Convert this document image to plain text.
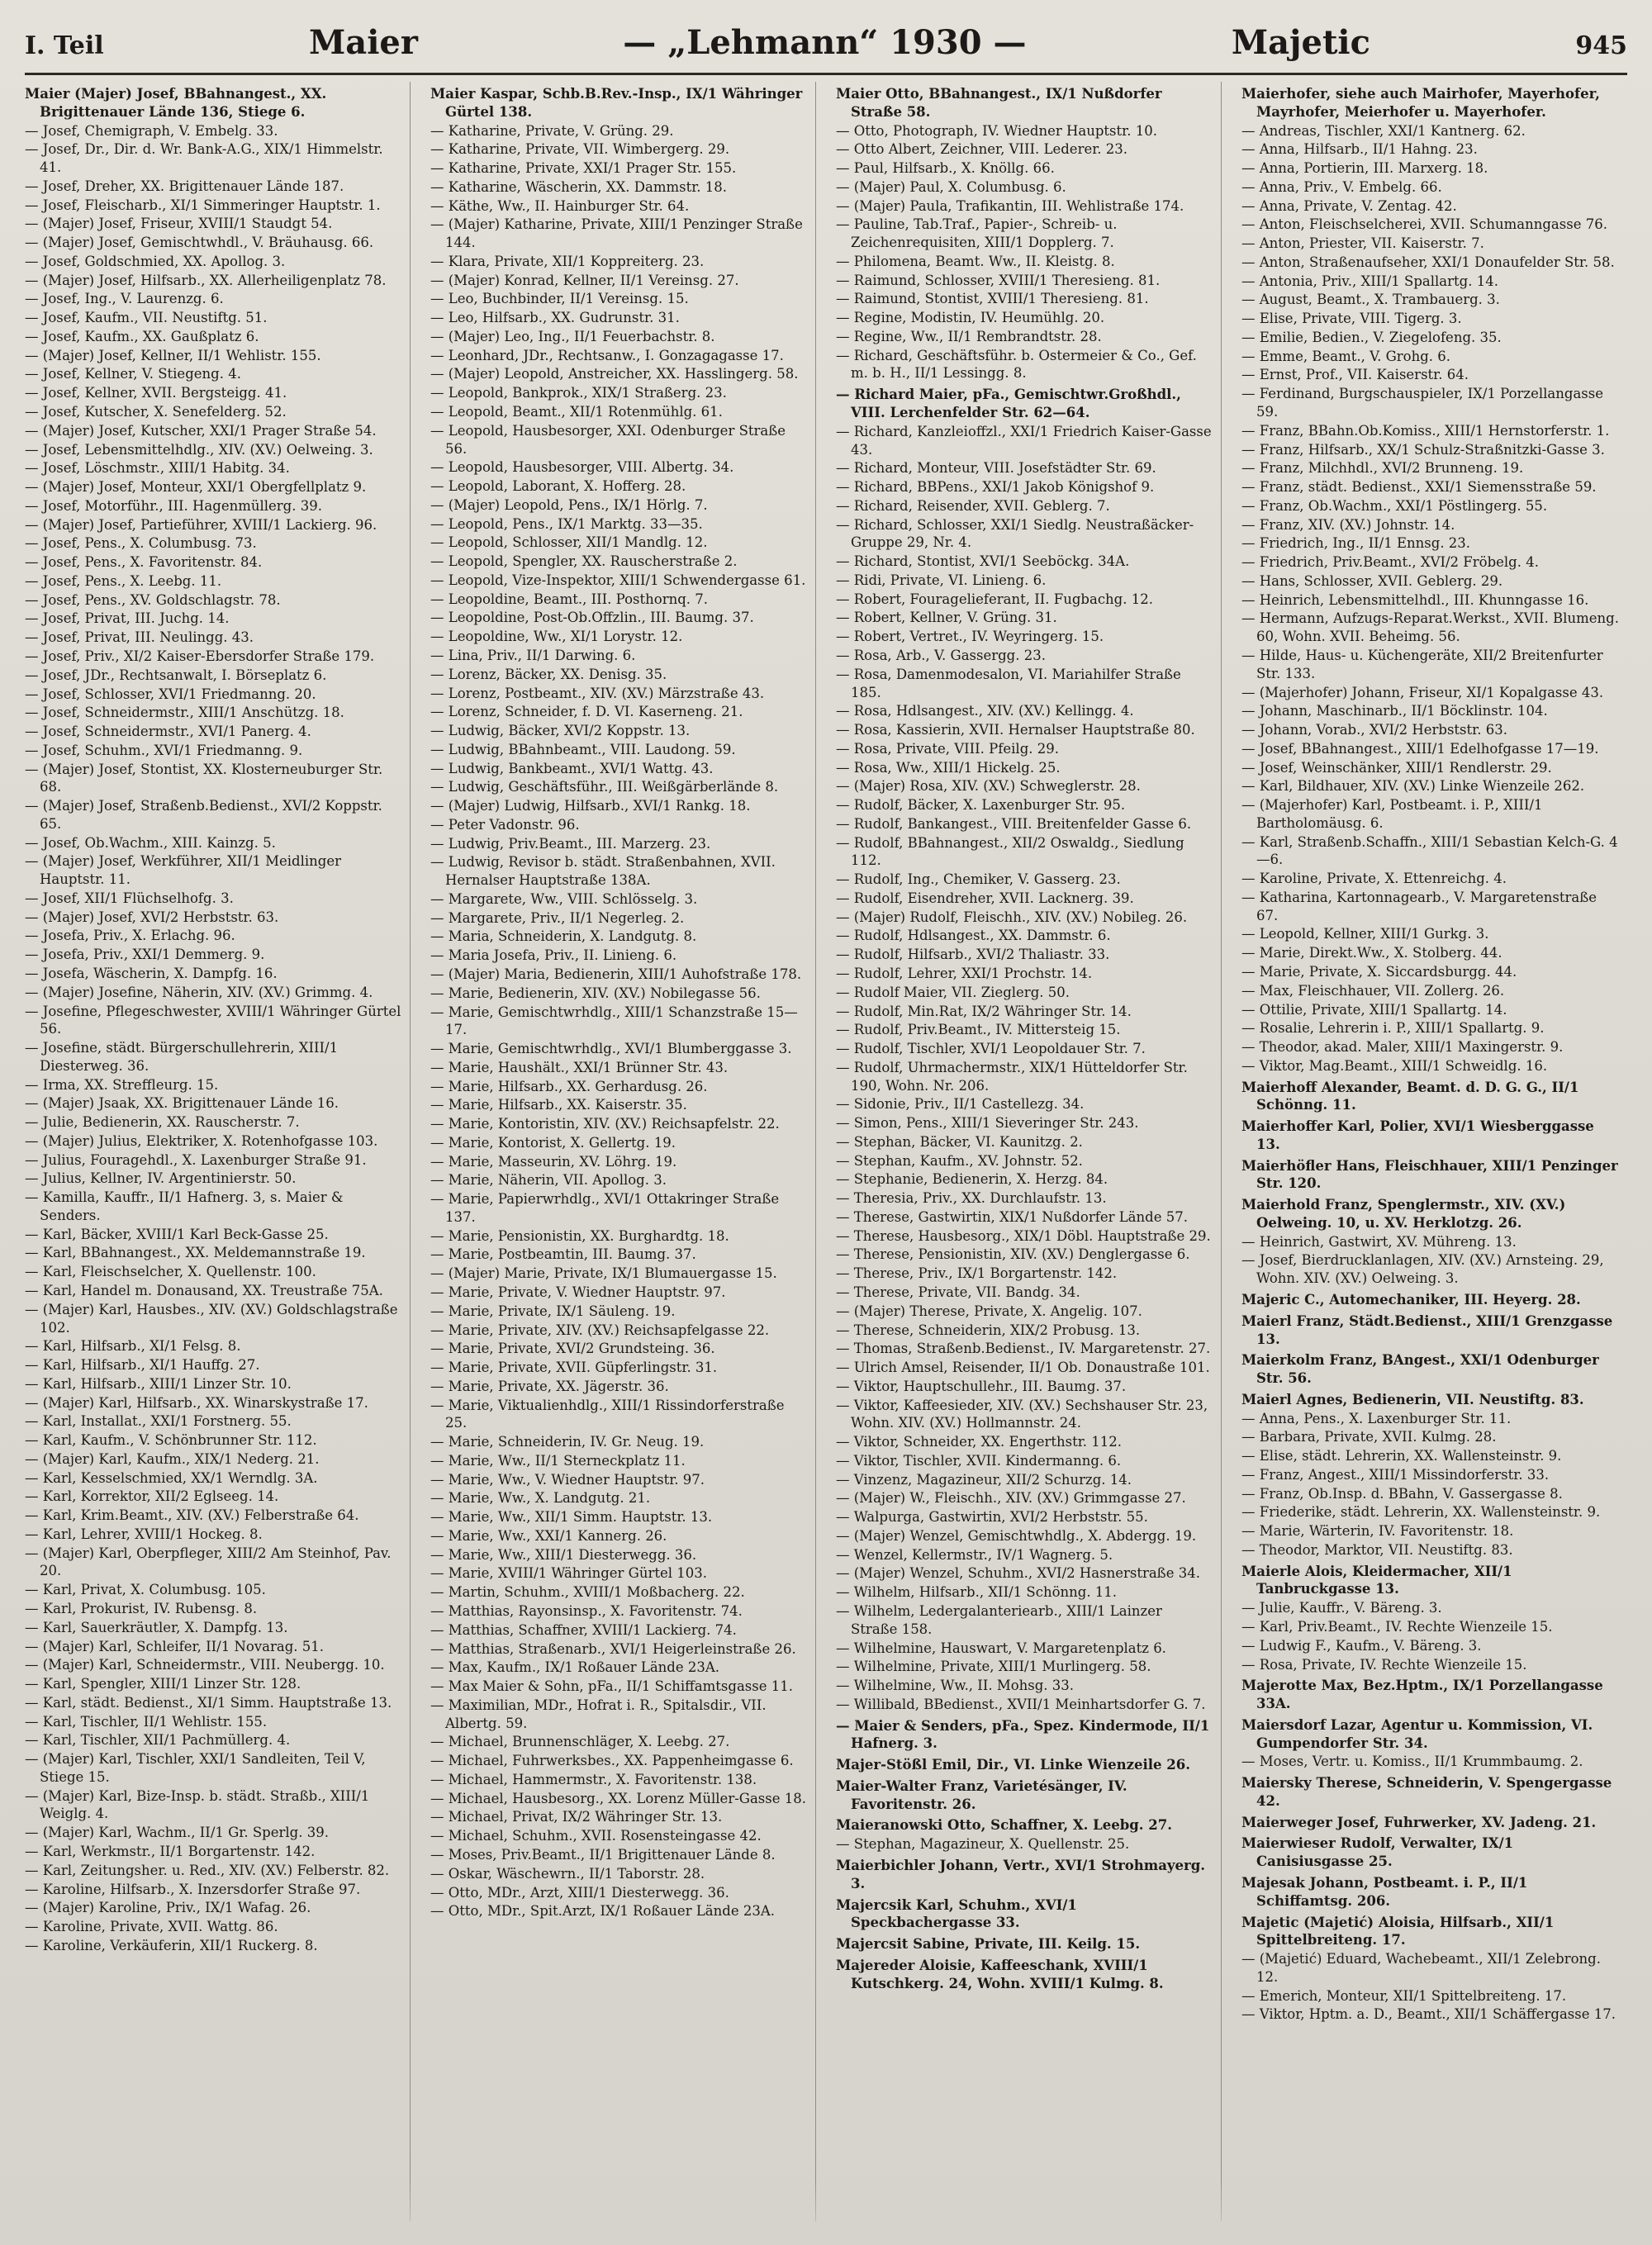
I. Teil	Maier	— „Lehmann“ 1930 —	Majetic	945

Maier (Majer) Josef, BBahnangest., XX. Brigittenauer Lände 136, Stiege 6.

— Josef, Chemigraph, V. Embelg. 33.

— Josef, Dr., Dir. d. Wr. Bank-A.G., XIX/1 Himmelstr. 41.

— Josef, Dreher, XX. Brigittenauer Lände 187.

— Josef, Fleischarb., XI/1 Simmeringer Hauptstr. 1.

— (Majer) Josef, Friseur, XVIII/1 Staudgt 54.

— (Majer) Josef, Gemischtwhdl., V. Bräuhausg. 66.

— Josef, Goldschmied, XX. Apollog. 3.

— (Majer) Josef, Hilfsarb., XX. Allerheiligenplatz 78.

— Josef, Ing., V. Laurenzg. 6.

— Josef, Kaufm., VII. Neustiftg. 51.

— Josef, Kaufm., XX. Gaußplatz 6.

— (Majer) Josef, Kellner, II/1 Wehlistr. 155.

— Josef, Kellner, V. Stiegeng. 4.

— Josef, Kellner, XVII. Bergsteigg. 41.

— Josef, Kutscher, X. Senefelderg. 52.

— (Majer) Josef, Kutscher, XXI/1 Prager Straße 54.

— Josef, Lebensmittelhdlg., XIV. (XV.) Oelweing. 3.

— Josef, Löschmstr., XIII/1 Habitg. 34.

— (Majer) Josef, Monteur, XXI/1 Obergfellplatz 9.

— Josef, Motorführ., III. Hagenmüllerg. 39.

— (Majer) Josef, Partieführer, XVIII/1 Lackierg. 96.

— Josef, Pens., X. Columbusg. 73.

— Josef, Pens., X. Favoritenstr. 84.

— Josef, Pens., X. Leebg. 11.

— Josef, Pens., XV. Goldschlagstr. 78.

— Josef, Privat, III. Juchg. 14.

— Josef, Privat, III. Neulingg. 43.

— Josef, Priv., XI/2 Kaiser-Ebersdorfer Straße 179.

— Josef, JDr., Rechtsanwalt, I. Börseplatz 6.

— Josef, Schlosser, XVI/1 Friedmanng. 20.

— Josef, Schneidermstr., XIII/1 Anschützg. 18.

— Josef, Schneidermstr., XVI/1 Panerg. 4.

— Josef, Schuhm., XVI/1 Friedmanng. 9.

— (Majer) Josef, Stontist, XX. Klosterneuburger Str. 68.

— (Majer) Josef, Straßenb.Bedienst., XVI/2 Koppstr. 65.

— Josef, Ob.Wachm., XIII. Kainzg. 5.

— (Majer) Josef, Werkführer, XII/1 Meidlinger Hauptstr. 11.

— Josef, XII/1 Flüchselhofg. 3.

— (Majer) Josef, XVI/2 Herbststr. 63.

— Josefa, Priv., X. Erlachg. 96.

— Josefa, Priv., XXI/1 Demmerg. 9.

— Josefa, Wäscherin, X. Dampfg. 16.

— (Majer) Josefine, Näherin, XIV. (XV.) Grimmg. 4.

— Josefine, Pflegeschwester, XVIII/1 Währinger Gürtel 56.

— Josefine, städt. Bürgerschullehrerin, XIII/1 Diesterweg. 36.

— Irma, XX. Streffleurg. 15.

— (Majer) Jsaak, XX. Brigittenauer Lände 16.

— Julie, Bedienerin, XX. Rauscherstr. 7.

— (Majer) Julius, Elektriker, X. Rotenhofgasse 103.

— Julius, Fouragehdl., X. Laxenburger Straße 91.

— Julius, Kellner, IV. Argentinierstr. 50.

— Kamilla, Kauffr., II/1 Hafnerg. 3, s. Maier & Senders.

— Karl, Bäcker, XVIII/1 Karl Beck-Gasse 25.

— Karl, BBahnangest., XX. Meldemannstraße 19.

— Karl, Fleischselcher, X. Quellenstr. 100.

— Karl, Handel m. Donausand, XX. Treustraße 75A.

— (Majer) Karl, Hausbes., XIV. (XV.) Goldschlagstraße 102.

— Karl, Hilfsarb., XI/1 Felsg. 8.

— Karl, Hilfsarb., XI/1 Hauffg. 27.

— Karl, Hilfsarb., XIII/1 Linzer Str. 10.

— (Majer) Karl, Hilfsarb., XX. Winarskystraße 17.

— Karl, Installat., XXI/1 Forstnerg. 55.

— Karl, Kaufm., V. Schönbrunner Str. 112.

— (Majer) Karl, Kaufm., XIX/1 Nederg. 21.

— Karl, Kesselschmied, XX/1 Werndlg. 3A.

— Karl, Korrektor, XII/2 Eglseeg. 14.

— Karl, Krim.Beamt., XIV. (XV.) Felberstraße 64.

— Karl, Lehrer, XVIII/1 Hockeg. 8.

— (Majer) Karl, Oberpfleger, XIII/2 Am Steinhof, Pav. 20.

— Karl, Privat, X. Columbusg. 105.

— Karl, Prokurist, IV. Rubensg. 8.

— Karl, Sauerkräutler, X. Dampfg. 13.

— (Majer) Karl, Schleifer, II/1 Novarag. 51.

— (Majer) Karl, Schneidermstr., VIII. Neubergg. 10.

— Karl, Spengler, XIII/1 Linzer Str. 128.

— Karl, städt. Bedienst., XI/1 Simm. Hauptstraße 13.

— Karl, Tischler, II/1 Wehlistr. 155.

— Karl, Tischler, XII/1 Pachmüllerg. 4.

— (Majer) Karl, Tischler, XXI/1 Sandleiten, Teil V, Stiege 15.

— (Majer) Karl, Bize-Insp. b. städt. Straßb., XIII/1 Weiglg. 4.

— (Majer) Karl, Wachm., II/1 Gr. Sperlg. 39.

— Karl, Werkmstr., II/1 Borgartenstr. 142.

— Karl, Zeitungsher. u. Red., XIV. (XV.) Felberstr. 82.

— Karoline, Hilfsarb., X. Inzersdorfer Straße 97.

— (Majer) Karoline, Priv., IX/1 Wafag. 26.

— Karoline, Private, XVII. Wattg. 86.

— Karoline, Verkäuferin, XII/1 Ruckerg. 8.

Maier Kaspar, Schb.B.Rev.-Insp., IX/1 Währinger Gürtel 138.

— Katharine, Private, V. Grüng. 29.

— Katharine, Private, VII. Wimbergerg. 29.

— Katharine, Private, XXI/1 Prager Str. 155.

— Katharine, Wäscherin, XX. Dammstr. 18.

— Käthe, Ww., II. Hainburger Str. 64.

— (Majer) Katharine, Private, XIII/1 Penzinger Straße 144.

— Klara, Private, XII/1 Koppreiterg. 23.

— (Majer) Konrad, Kellner, II/1 Vereinsg. 27.

— Leo, Buchbinder, II/1 Vereinsg. 15.

— Leo, Hilfsarb., XX. Gudrunstr. 31.

— (Majer) Leo, Ing., II/1 Feuerbachstr. 8.

— Leonhard, JDr., Rechtsanw., I. Gonzagagasse 17.

— (Majer) Leopold, Anstreicher, XX. Hasslingerg. 58.

— Leopold, Bankprok., XIX/1 Straßerg. 23.

— Leopold, Beamt., XII/1 Rotenmühlg. 61.

— Leopold, Hausbesorger, XXI. Odenburger Straße 56.

— Leopold, Hausbesorger, VIII. Albertg. 34.

— Leopold, Laborant, X. Hofferg. 28.

— (Majer) Leopold, Pens., IX/1 Hörlg. 7.

— Leopold, Pens., IX/1 Marktg. 33—35.

— Leopold, Schlosser, XII/1 Mandlg. 12.

— Leopold, Spengler, XX. Rauscherstraße 2.

— Leopold, Vize-Inspektor, XIII/1 Schwendergasse 61.

— Leopoldine, Beamt., III. Posthornq. 7.

— Leopoldine, Post-Ob.Offzlin., III. Baumg. 37.

— Leopoldine, Ww., XI/1 Lorystr. 12.

— Lina, Priv., II/1 Darwing. 6.

— Lorenz, Bäcker, XX. Denisg. 35.

— Lorenz, Postbeamt., XIV. (XV.) Märzstraße 43.

— Lorenz, Schneider, f. D. VI. Kaserneng. 21.

— Ludwig, Bäcker, XVI/2 Koppstr. 13.

— Ludwig, BBahnbeamt., VIII. Laudong. 59.

— Ludwig, Bankbeamt., XVI/1 Wattg. 43.

— Ludwig, Geschäftsführ., III. Weißgärberlände 8.

— (Majer) Ludwig, Hilfsarb., XVI/1 Rankg. 18.

— Peter Vadonstr. 96.

— Ludwig, Priv.Beamt., III. Marzerg. 23.

— Ludwig, Revisor b. städt. Straßenbahnen, XVII. Hernalser Hauptstraße 138A.

— Margarete, Ww., VIII. Schlösselg. 3.

— Margarete, Priv., II/1 Negerleg. 2.

— Maria, Schneiderin, X. Landgutg. 8.

— Maria Josefa, Priv., II. Linieng. 6.

— (Majer) Maria, Bedienerin, XIII/1 Auhofstraße 178.

— Marie, Bedienerin, XIV. (XV.) Nobilegasse 56.

— Marie, Gemischtwrhdlg., XIII/1 Schanzstraße 15—17.

— Marie, Gemischtwrhdlg., XVI/1 Blumberggasse 3.

— Marie, Haushält., XXI/1 Brünner Str. 43.

— Marie, Hilfsarb., XX. Gerhardusg. 26.

— Marie, Hilfsarb., XX. Kaiserstr. 35.

— Marie, Kontoristin, XIV. (XV.) Reichsapfelstr. 22.

— Marie, Kontorist, X. Gellertg. 19.

— Marie, Masseurin, XV. Löhrg. 19.

— Marie, Näherin, VII. Apollog. 3.

— Marie, Papierwrhdlg., XVI/1 Ottakringer Straße 137.

— Marie, Pensionistin, XX. Burghardtg. 18.

— Marie, Postbeamtin, III. Baumg. 37.

— (Majer) Marie, Private, IX/1 Blumauergasse 15.

— Marie, Private, V. Wiedner Hauptstr. 97.

— Marie, Private, IX/1 Säuleng. 19.

— Marie, Private, XIV. (XV.) Reichsapfelgasse 22.

— Marie, Private, XVI/2 Grundsteing. 36.

— Marie, Private, XVII. Güpferlingstr. 31.

— Marie, Private, XX. Jägerstr. 36.

— Marie, Viktualienhdlg., XIII/1 Rissindorferstraße 25.

— Marie, Schneiderin, IV. Gr. Neug. 19.

— Marie, Ww., II/1 Sterneckplatz 11.

— Marie, Ww., V. Wiedner Hauptstr. 97.

— Marie, Ww., X. Landgutg. 21.

— Marie, Ww., XII/1 Simm. Hauptstr. 13.

— Marie, Ww., XXI/1 Kannerg. 26.

— Marie, Ww., XIII/1 Diesterwegg. 36.

— Marie, XVIII/1 Währinger Gürtel 103.

— Martin, Schuhm., XVIII/1 Moßbacherg. 22.

— Matthias, Rayonsinsp., X. Favoritenstr. 74.

— Matthias, Schaffner, XVIII/1 Lackierg. 74.

— Matthias, Straßenarb., XVI/1 Heigerleinstraße 26.

— Max, Kaufm., IX/1 Roßauer Lände 23A.

— Max Maier & Sohn, pFa., II/1 Schiffamtsgasse 11.

— Maximilian, MDr., Hofrat i. R., Spitalsdir., VII. Albertg. 59.

— Michael, Brunnenschläger, X. Leebg. 27.

— Michael, Fuhrwerksbes., XX. Pappenheimgasse 6.

— Michael, Hammermstr., X. Favoritenstr. 138.

— Michael, Hausbesorg., XX. Lorenz Müller-Gasse 18.

— Michael, Privat, IX/2 Währinger Str. 13.

— Michael, Schuhm., XVII. Rosensteingasse 42.

— Moses, Priv.Beamt., II/1 Brigittenauer Lände 8.

— Oskar, Wäschewrn., II/1 Taborstr. 28.

— Otto, MDr., Arzt, XIII/1 Diesterwegg. 36.

— Otto, MDr., Spit.Arzt, IX/1 Roßauer Lände 23A.

Maier Otto, BBahnangest., IX/1 Nußdorfer Straße 58.

— Otto, Photograph, IV. Wiedner Hauptstr. 10.

— Otto Albert, Zeichner, VIII. Lederer. 23.

— Paul, Hilfsarb., X. Knöllg. 66.

— (Majer) Paul, X. Columbusg. 6.

— (Majer) Paula, Trafikantin, III. Wehlistraße 174.

— Pauline, Tab.Traf., Papier-, Schreib- u. Zeichenrequisiten, XIII/1 Dopplerg. 7.

— Philomena, Beamt. Ww., II. Kleistg. 8.

— Raimund, Schlosser, XVIII/1 Theresieng. 81.

— Raimund, Stontist, XVIII/1 Theresieng. 81.

— Regine, Modistin, IV. Heumühlg. 20.

— Regine, Ww., II/1 Rembrandtstr. 28.

— Richard, Geschäftsführ. b. Ostermeier & Co., Gef. m. b. H., II/1 Lessingg. 8.

— Richard Maier, pFa., Gemischtwr.Großhdl., VIII. Lerchenfelder Str. 62—64.

— Richard, Kanzleioffzl., XXI/1 Friedrich Kaiser-Gasse 43.

— Richard, Monteur, VIII. Josefstädter Str. 69.

— Richard, BBPens., XXI/1 Jakob Königshof 9.

— Richard, Reisender, XVII. Geblerg. 7.

— Richard, Schlosser, XXI/1 Siedlg. Neustraßäcker-Gruppe 29, Nr. 4.

— Richard, Stontist, XVI/1 Seeböckg. 34A.

— Ridi, Private, VI. Linieng. 6.

— Robert, Fouragelieferant, II. Fugbachg. 12.

— Robert, Kellner, V. Grüng. 31.

— Robert, Vertret., IV. Weyringerg. 15.

— Rosa, Arb., V. Gassergg. 23.

— Rosa, Damenmodesalon, VI. Mariahilfer Straße 185.

— Rosa, Hdlsangest., XIV. (XV.) Kellingg. 4.

— Rosa, Kassierin, XVII. Hernalser Hauptstraße 80.

— Rosa, Private, VIII. Pfeilg. 29.

— Rosa, Ww., XIII/1 Hickelg. 25.

— (Majer) Rosa, XIV. (XV.) Schweglerstr. 28.

— Rudolf, Bäcker, X. Laxenburger Str. 95.

— Rudolf, Bankangest., VIII. Breitenfelder Gasse 6.

— Rudolf, BBahnangest., XII/2 Oswaldg., Siedlung 112.

— Rudolf, Ing., Chemiker, V. Gasserg. 23.

— Rudolf, Eisendreher, XVII. Lacknerg. 39.

— (Majer) Rudolf, Fleischh., XIV. (XV.) Nobileg. 26.

— Rudolf, Hdlsangest., XX. Dammstr. 6.

— Rudolf, Hilfsarb., XVI/2 Thaliastr. 33.

— Rudolf, Lehrer, XXI/1 Prochstr. 14.

— Rudolf Maier, VII. Zieglerg. 50.

— Rudolf, Min.Rat, IX/2 Währinger Str. 14.

— Rudolf, Priv.Beamt., IV. Mittersteig 15.

— Rudolf, Tischler, XVI/1 Leopoldauer Str. 7.

— Rudolf, Uhrmachermstr., XIX/1 Hütteldorfer Str. 190, Wohn. Nr. 206.

— Sidonie, Priv., II/1 Castellezg. 34.

— Simon, Pens., XIII/1 Sieveringer Str. 243.

— Stephan, Bäcker, VI. Kaunitzg. 2.

— Stephan, Kaufm., XV. Johnstr. 52.

— Stephanie, Bedienerin, X. Herzg. 84.

— Theresia, Priv., XX. Durchlaufstr. 13.

— Therese, Gastwirtin, XIX/1 Nußdorfer Lände 57.

— Therese, Hausbesorg., XIX/1 Döbl. Hauptstraße 29.

— Therese, Pensionistin, XIV. (XV.) Denglergasse 6.

— Therese, Priv., IX/1 Borgartenstr. 142.

— Therese, Private, VII. Bandg. 34.

— (Majer) Therese, Private, X. Angelig. 107.

— Therese, Schneiderin, XIX/2 Probusg. 13.

— Thomas, Straßenb.Bedienst., IV. Margaretenstr. 27.

— Ulrich Amsel, Reisender, II/1 Ob. Donaustraße 101.

— Viktor, Hauptschullehr., III. Baumg. 37.

— Viktor, Kaffeesieder, XIV. (XV.) Sechshauser Str. 23, Wohn. XIV. (XV.) Hollmannstr. 24.

— Viktor, Schneider, XX. Engerthstr. 112.

— Viktor, Tischler, XVII. Kindermanng. 6.

— Vinzenz, Magazineur, XII/2 Schurzg. 14.

— (Majer) W., Fleischh., XIV. (XV.) Grimmgasse 27.

— Walpurga, Gastwirtin, XVI/2 Herbststr. 55.

— (Majer) Wenzel, Gemischtwhdlg., X. Abdergg. 19.

— Wenzel, Kellermstr., IV/1 Wagnerg. 5.

— (Majer) Wenzel, Schuhm., XVI/2 Hasnerstraße 34.

— Wilhelm, Hilfsarb., XII/1 Schönng. 11.

— Wilhelm, Ledergalanteriearb., XIII/1 Lainzer Straße 158.

— Wilhelmine, Hauswart, V. Margaretenplatz 6.

— Wilhelmine, Private, XIII/1 Murlingerg. 58.

— Wilhelmine, Ww., II. Mohsg. 33.

— Willibald, BBedienst., XVII/1 Meinhartsdorfer G. 7.

— Maier & Senders, pFa., Spez. Kindermode, II/1 Hafnerg. 3.

Majer-Stößl Emil, Dir., VI. Linke Wienzeile 26.

Maier-Walter Franz, Varietésänger, IV. Favoritenstr. 26.

Maieranowski Otto, Schaffner, X. Leebg. 27.

— Stephan, Magazineur, X. Quellenstr. 25.

Maierbichler Johann, Vertr., XVI/1 Strohmayerg. 3.

Majercsik Karl, Schuhm., XVI/1 Speckbachergasse 33.

Majercsit Sabine, Private, III. Keilg. 15.

Majereder Aloisie, Kaffeeschank, XVIII/1 Kutschkerg. 24, Wohn. XVIII/1 Kulmg. 8.

Maierhofer, siehe auch Mairhofer, Mayerhofer, Mayrhofer, Meierhofer u. Mayerhofer.

— Andreas, Tischler, XXI/1 Kantnerg. 62.

— Anna, Hilfsarb., II/1 Hahng. 23.

— Anna, Portierin, III. Marxerg. 18.

— Anna, Priv., V. Embelg. 66.

— Anna, Private, V. Zentag. 42.

— Anton, Fleischselcherei, XVII. Schumanngasse 76.

— Anton, Priester, VII. Kaiserstr. 7.

— Anton, Straßenaufseher, XXI/1 Donaufelder Str. 58.

— Antonia, Priv., XIII/1 Spallartg. 14.

— August, Beamt., X. Trambauerg. 3.

— Elise, Private, VIII. Tigerg. 3.

— Emilie, Bedien., V. Ziegelofeng. 35.

— Emme, Beamt., V. Grohg. 6.

— Ernst, Prof., VII. Kaiserstr. 64.

— Ferdinand, Burgschauspieler, IX/1 Porzellangasse 59.

— Franz, BBahn.Ob.Komiss., XIII/1 Hernstorferstr. 1.

— Franz, Hilfsarb., XX/1 Schulz-Straßnitzki-Gasse 3.

— Franz, Milchhdl., XVI/2 Brunneng. 19.

— Franz, städt. Bedienst., XXI/1 Siemensstraße 59.

— Franz, Ob.Wachm., XXI/1 Pöstlingerg. 55.

— Franz, XIV. (XV.) Johnstr. 14.

— Friedrich, Ing., II/1 Ennsg. 23.

— Friedrich, Priv.Beamt., XVI/2 Fröbelg. 4.

— Hans, Schlosser, XVII. Geblerg. 29.

— Heinrich, Lebensmittelhdl., III. Khunngasse 16.

— Hermann, Aufzugs-Reparat.Werkst., XVII. Blumeng. 60, Wohn. XVII. Beheimg. 56.

— Hilde, Haus- u. Küchengeräte, XII/2 Breitenfurter Str. 133.

— (Majerhofer) Johann, Friseur, XI/1 Kopalgasse 43.

— Johann, Maschinarb., II/1 Böcklinstr. 104.

— Johann, Vorab., XVI/2 Herbststr. 63.

— Josef, BBahnangest., XIII/1 Edelhofgasse 17—19.

— Josef, Weinschänker, XIII/1 Rendlerstr. 29.

— Karl, Bildhauer, XIV. (XV.) Linke Wienzeile 262.

— (Majerhofer) Karl, Postbeamt. i. P., XIII/1 Bartholomäusg. 6.

— Karl, Straßenb.Schaffn., XIII/1 Sebastian Kelch-G. 4—6.

— Karoline, Private, X. Ettenreichg. 4.

— Katharina, Kartonnagearb., V. Margaretenstraße 67.

— Leopold, Kellner, XIII/1 Gurkg. 3.

— Marie, Direkt.Ww., X. Stolberg. 44.

— Marie, Private, X. Siccardsburgg. 44.

— Max, Fleischhauer, VII. Zollerg. 26.

— Ottilie, Private, XIII/1 Spallartg. 14.

— Rosalie, Lehrerin i. P., XIII/1 Spallartg. 9.

— Theodor, akad. Maler, XIII/1 Maxingerstr. 9.

— Viktor, Mag.Beamt., XIII/1 Schweidlg. 16.

Maierhoff Alexander, Beamt. d. D. G. G., II/1 Schönng. 11.

Maierhoffer Karl, Polier, XVI/1 Wiesberggasse 13.

Maierhöfler Hans, Fleischhauer, XIII/1 Penzinger Str. 120.

Maierhold Franz, Spenglermstr., XIV. (XV.) Oelweing. 10, u. XV. Herklotzg. 26.

— Heinrich, Gastwirt, XV. Mühreng. 13.

— Josef, Bierdrucklanlagen, XIV. (XV.) Arnsteing. 29, Wohn. XIV. (XV.) Oelweing. 3.

Majeric C., Automechaniker, III. Heyerg. 28.

Maierl Franz, Städt.Bedienst., XIII/1 Grenzgasse 13.

Maierkolm Franz, BAngest., XXI/1 Odenburger Str. 56.

Maierl Agnes, Bedienerin, VII. Neustiftg. 83.

— Anna, Pens., X. Laxenburger Str. 11.

— Barbara, Private, XVII. Kulmg. 28.

— Elise, städt. Lehrerin, XX. Wallensteinstr. 9.

— Franz, Angest., XIII/1 Missindorferstr. 33.

— Franz, Ob.Insp. d. BBahn, V. Gassergasse 8.

— Friederike, städt. Lehrerin, XX. Wallensteinstr. 9.

— Marie, Wärterin, IV. Favoritenstr. 18.

— Theodor, Marktor, VII. Neustiftg. 83.

Maierle Alois, Kleidermacher, XII/1 Tanbruckgasse 13.

— Julie, Kauffr., V. Bäreng. 3.

— Karl, Priv.Beamt., IV. Rechte Wienzeile 15.

— Ludwig F., Kaufm., V. Bäreng. 3.

— Rosa, Private, IV. Rechte Wienzeile 15.

Majerotte Max, Bez.Hptm., IX/1 Porzellangasse 33A.

Maiersdorf Lazar, Agentur u. Kommission, VI. Gumpendorfer Str. 34.

— Moses, Vertr. u. Komiss., II/1 Krummbaumg. 2.

Maiersky Therese, Schneiderin, V. Spengergasse 42.

Maierweger Josef, Fuhrwerker, XV. Jadeng. 21.

Maierwieser Rudolf, Verwalter, IX/1 Canisiusgasse 25.

Majesak Johann, Postbeamt. i. P., II/1 Schiffamtsg. 206.

Majetic (Majetić) Aloisia, Hilfsarb., XII/1 Spittelbreiteng. 17.

— (Majetić) Eduard, Wachebeamt., XII/1 Zelebrong. 12.

— Emerich, Monteur, XII/1 Spittelbreiteng. 17.

— Viktor, Hptm. a. D., Beamt., XII/1 Schäffergasse 17.
